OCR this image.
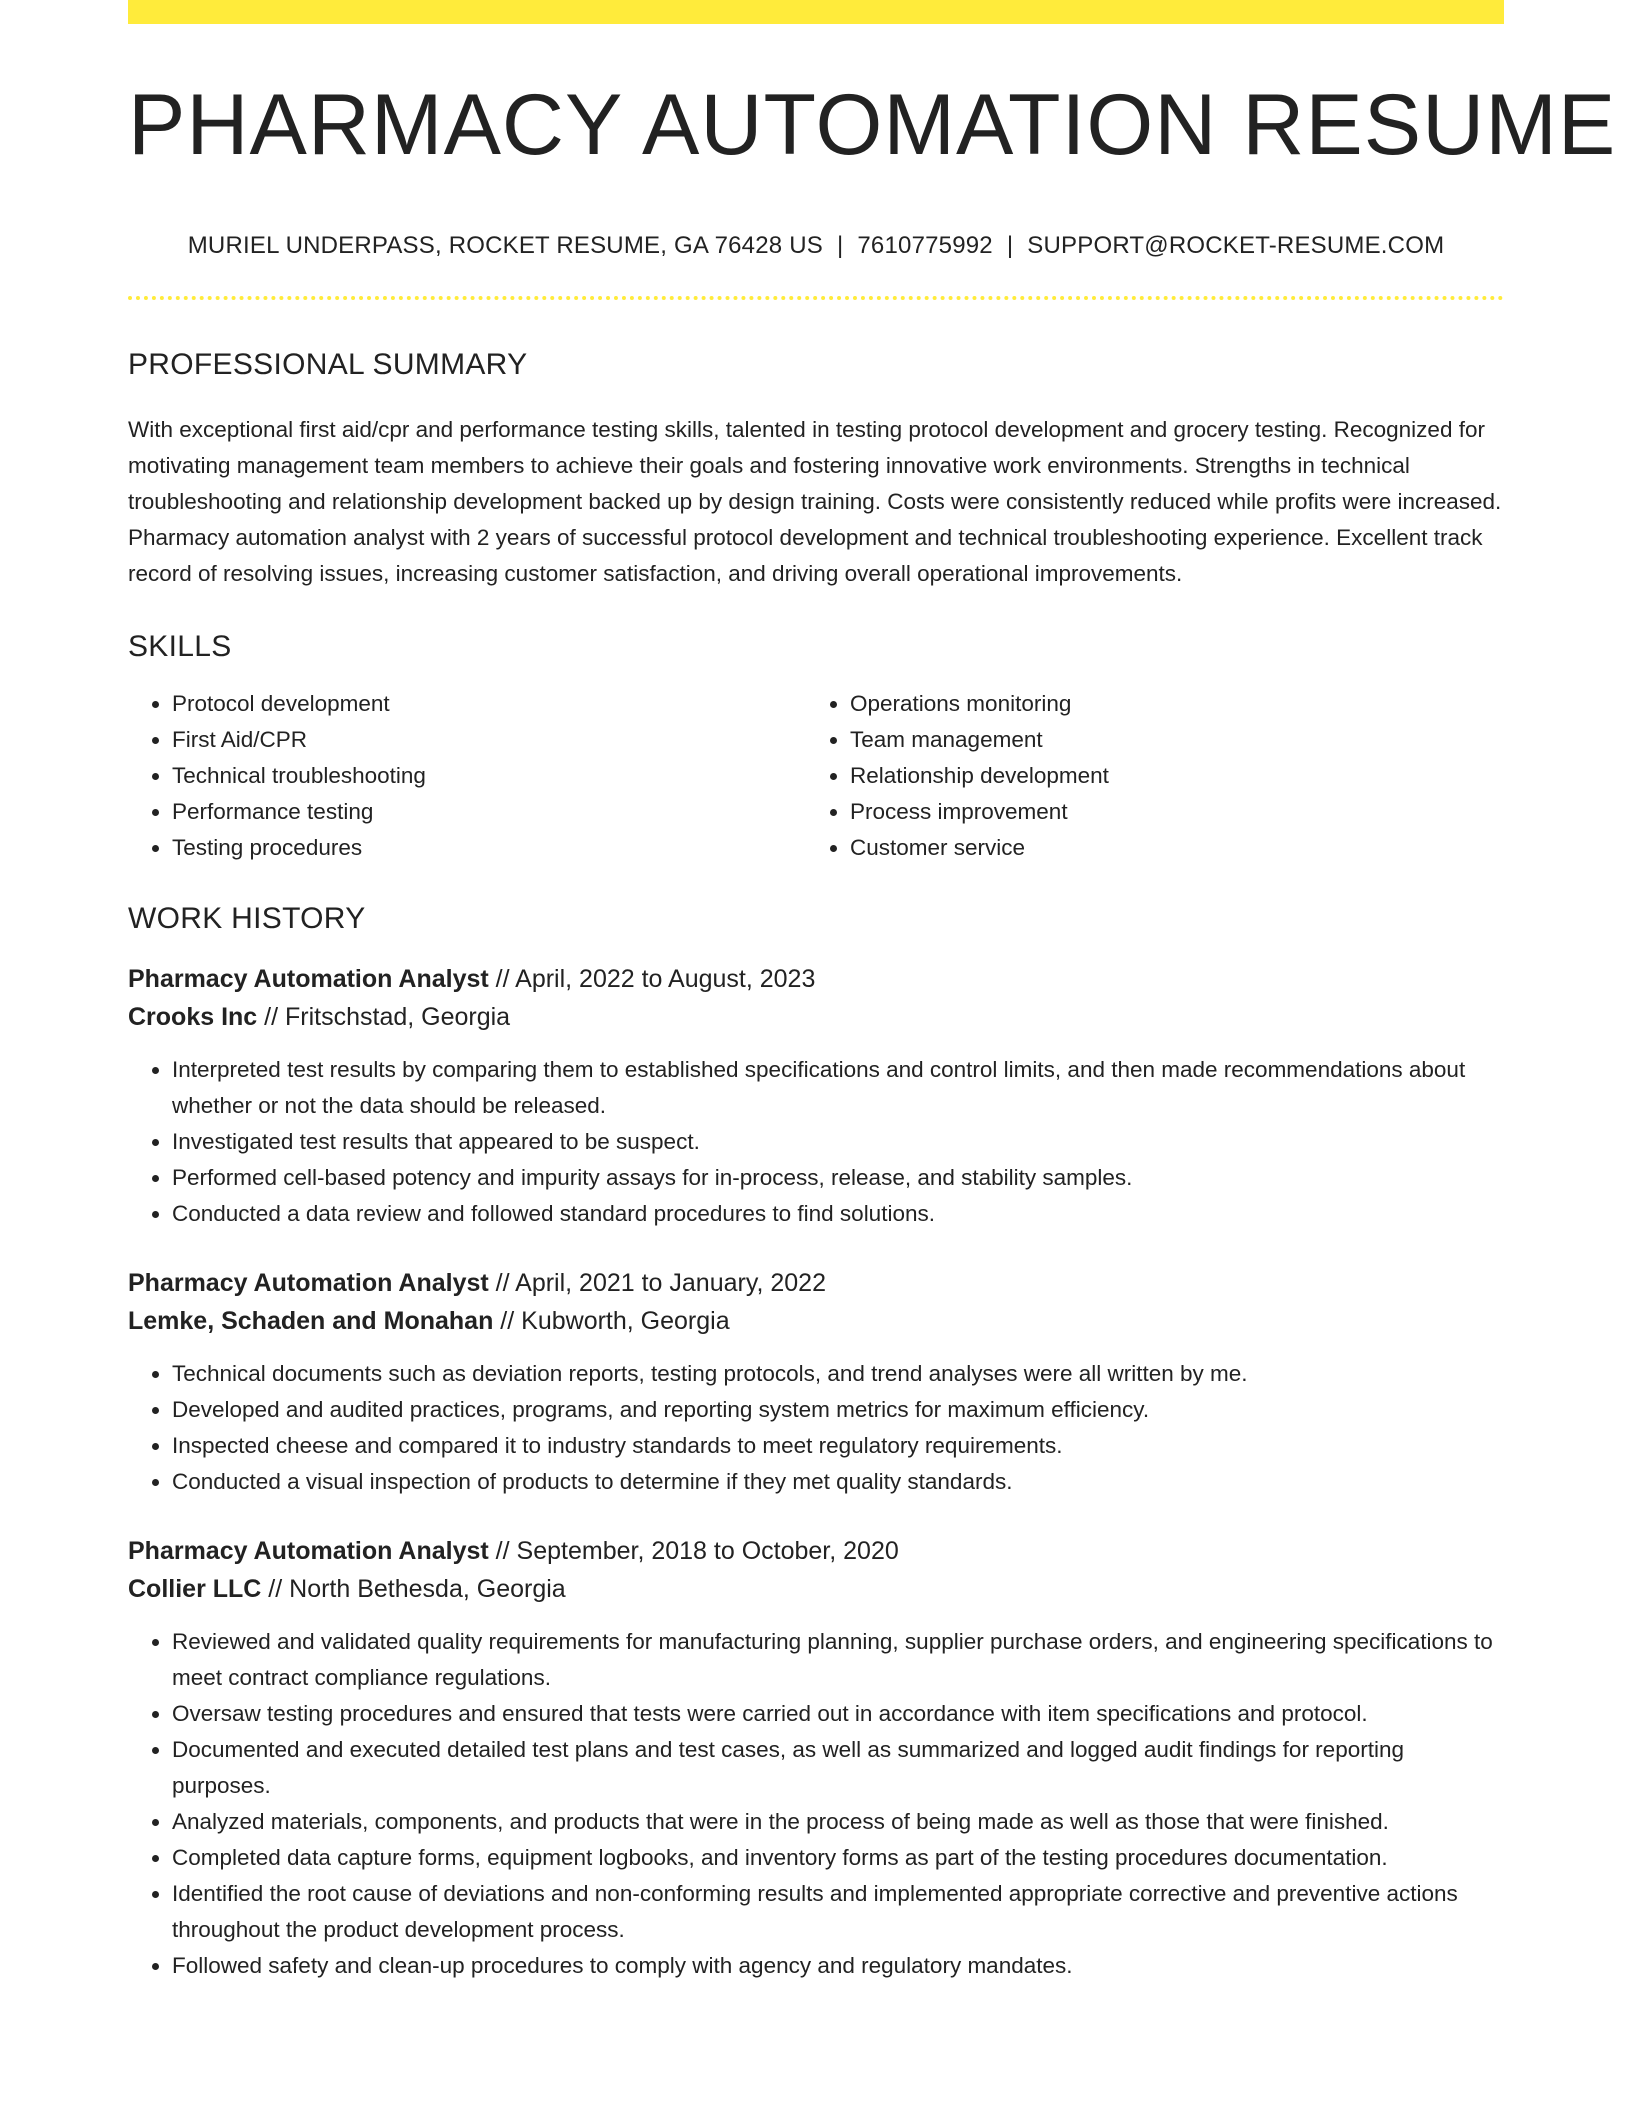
PHARMACY AUTOMATION RESUME
MURIEL UNDERPASS, ROCKET RESUME, GA 76428 US | 7610775992 | SUPPORT@ROCKET-RESUME.COM
PROFESSIONAL SUMMARY

With exceptional first aid/cpr and performance testing skills, talented in testing protocol development and grocery testing. Recognized for motivating management team members to achieve their goals and fostering innovative work environments. Strengths in technical troubleshooting and relationship development backed up by design training. Costs were consistently reduced while profits were increased. Pharmacy automation analyst with 2 years of successful protocol development and technical troubleshooting experience. Excellent track record of resolving issues, increasing customer satisfaction, and driving overall operational improvements.

SKILLS
• Protocol development
• First Aid/CPR
• Technical troubleshooting
• Performance testing
• Testing procedures
• Operations monitoring
• Team management
• Relationship development
• Process improvement
• Customer service
WORK HISTORY
Pharmacy Automation Analyst // April, 2022 to August, 2023
Crooks Inc // Fritschstad, Georgia
• Interpreted test results by comparing them to established specifications and control limits, and then made recommendations about whether or not the data should be released.
• Investigated test results that appeared to be suspect.
• Performed cell-based potency and impurity assays for in-process, release, and stability samples.
• Conducted a data review and followed standard procedures to find solutions.
Pharmacy Automation Analyst // April, 2021 to January, 2022
Lemke, Schaden and Monahan // Kubworth, Georgia
• Technical documents such as deviation reports, testing protocols, and trend analyses were all written by me.
• Developed and audited practices, programs, and reporting system metrics for maximum efficiency.
• Inspected cheese and compared it to industry standards to meet regulatory requirements.
• Conducted a visual inspection of products to determine if they met quality standards.
Pharmacy Automation Analyst // September, 2018 to October, 2020
Collier LLC // North Bethesda, Georgia
• Reviewed and validated quality requirements for manufacturing planning, supplier purchase orders, and engineering specifications to meet contract compliance regulations.
• Oversaw testing procedures and ensured that tests were carried out in accordance with item specifications and protocol.
• Documented and executed detailed test plans and test cases, as well as summarized and logged audit findings for reporting purposes.
• Analyzed materials, components, and products that were in the process of being made as well as those that were finished.
• Completed data capture forms, equipment logbooks, and inventory forms as part of the testing procedures documentation.
• Identified the root cause of deviations and non-conforming results and implemented appropriate corrective and preventive actions throughout the product development process.
• Followed safety and clean-up procedures to comply with agency and regulatory mandates.
